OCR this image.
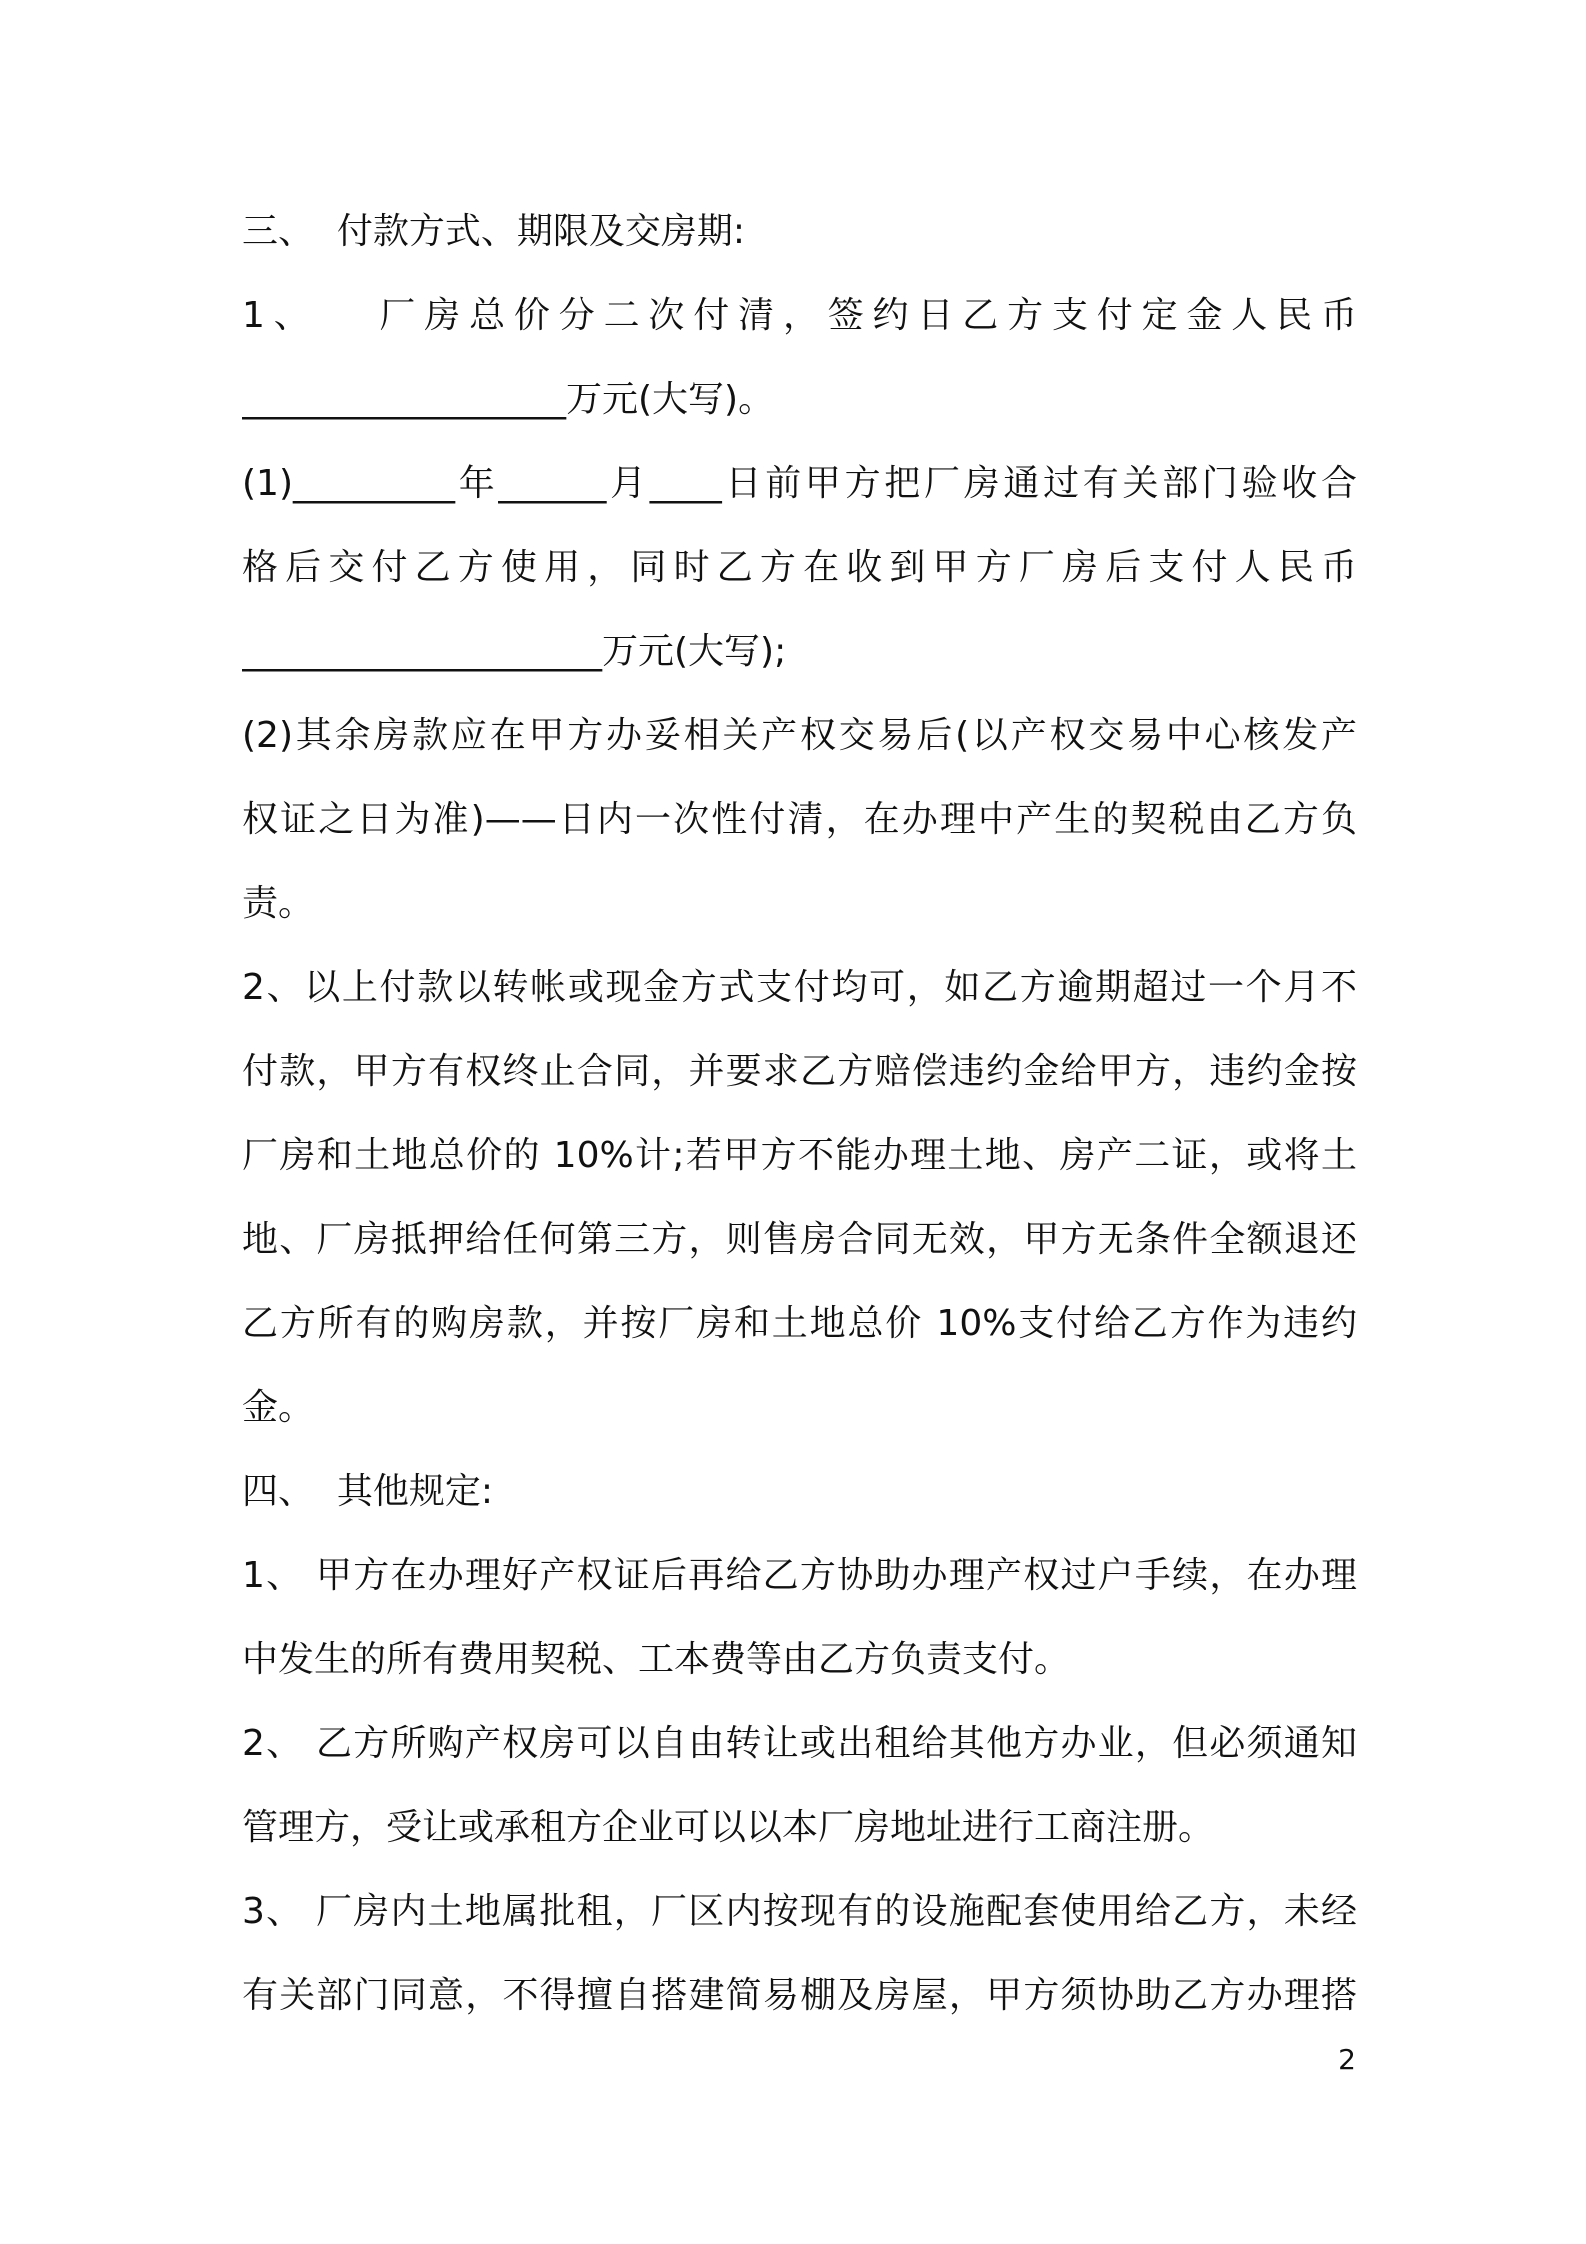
三、  付款方式、期限及交房期:
1、   厂房总价分二次付清，签约日乙方支付定金人民币
__________________万元(大写)。
(1)_________年______月____日前甲方把厂房通过有关部门验收合
格后交付乙方使用，同时乙方在收到甲方厂房后支付人民币
____________________万元(大写);
(2)其余房款应在甲方办妥相关产权交易后(以产权交易中心核发产
权证之日为准)——日内一次性付清，在办理中产生的契税由乙方负
责。
2、以上付款以转帐或现金方式支付均可，如乙方逾期超过一个月不
付款，甲方有权终止合同，并要求乙方赔偿违约金给甲方，违约金按
厂房和土地总价的 10%计;若甲方不能办理土地、房产二证，或将土
地、厂房抵押给任何第三方，则售房合同无效，甲方无条件全额退还
乙方所有的购房款，并按厂房和土地总价 10%支付给乙方作为违约
金。
四、  其他规定:
1、 甲方在办理好产权证后再给乙方协助办理产权过户手续，在办理
中发生的所有费用契税、工本费等由乙方负责支付。
2、 乙方所购产权房可以自由转让或出租给其他方办业，但必须通知
管理方，受让或承租方企业可以以本厂房地址进行工商注册。
3、 厂房内土地属批租，厂区内按现有的设施配套使用给乙方，未经
有关部门同意，不得擅自搭建简易棚及房屋，甲方须协助乙方办理搭
2
